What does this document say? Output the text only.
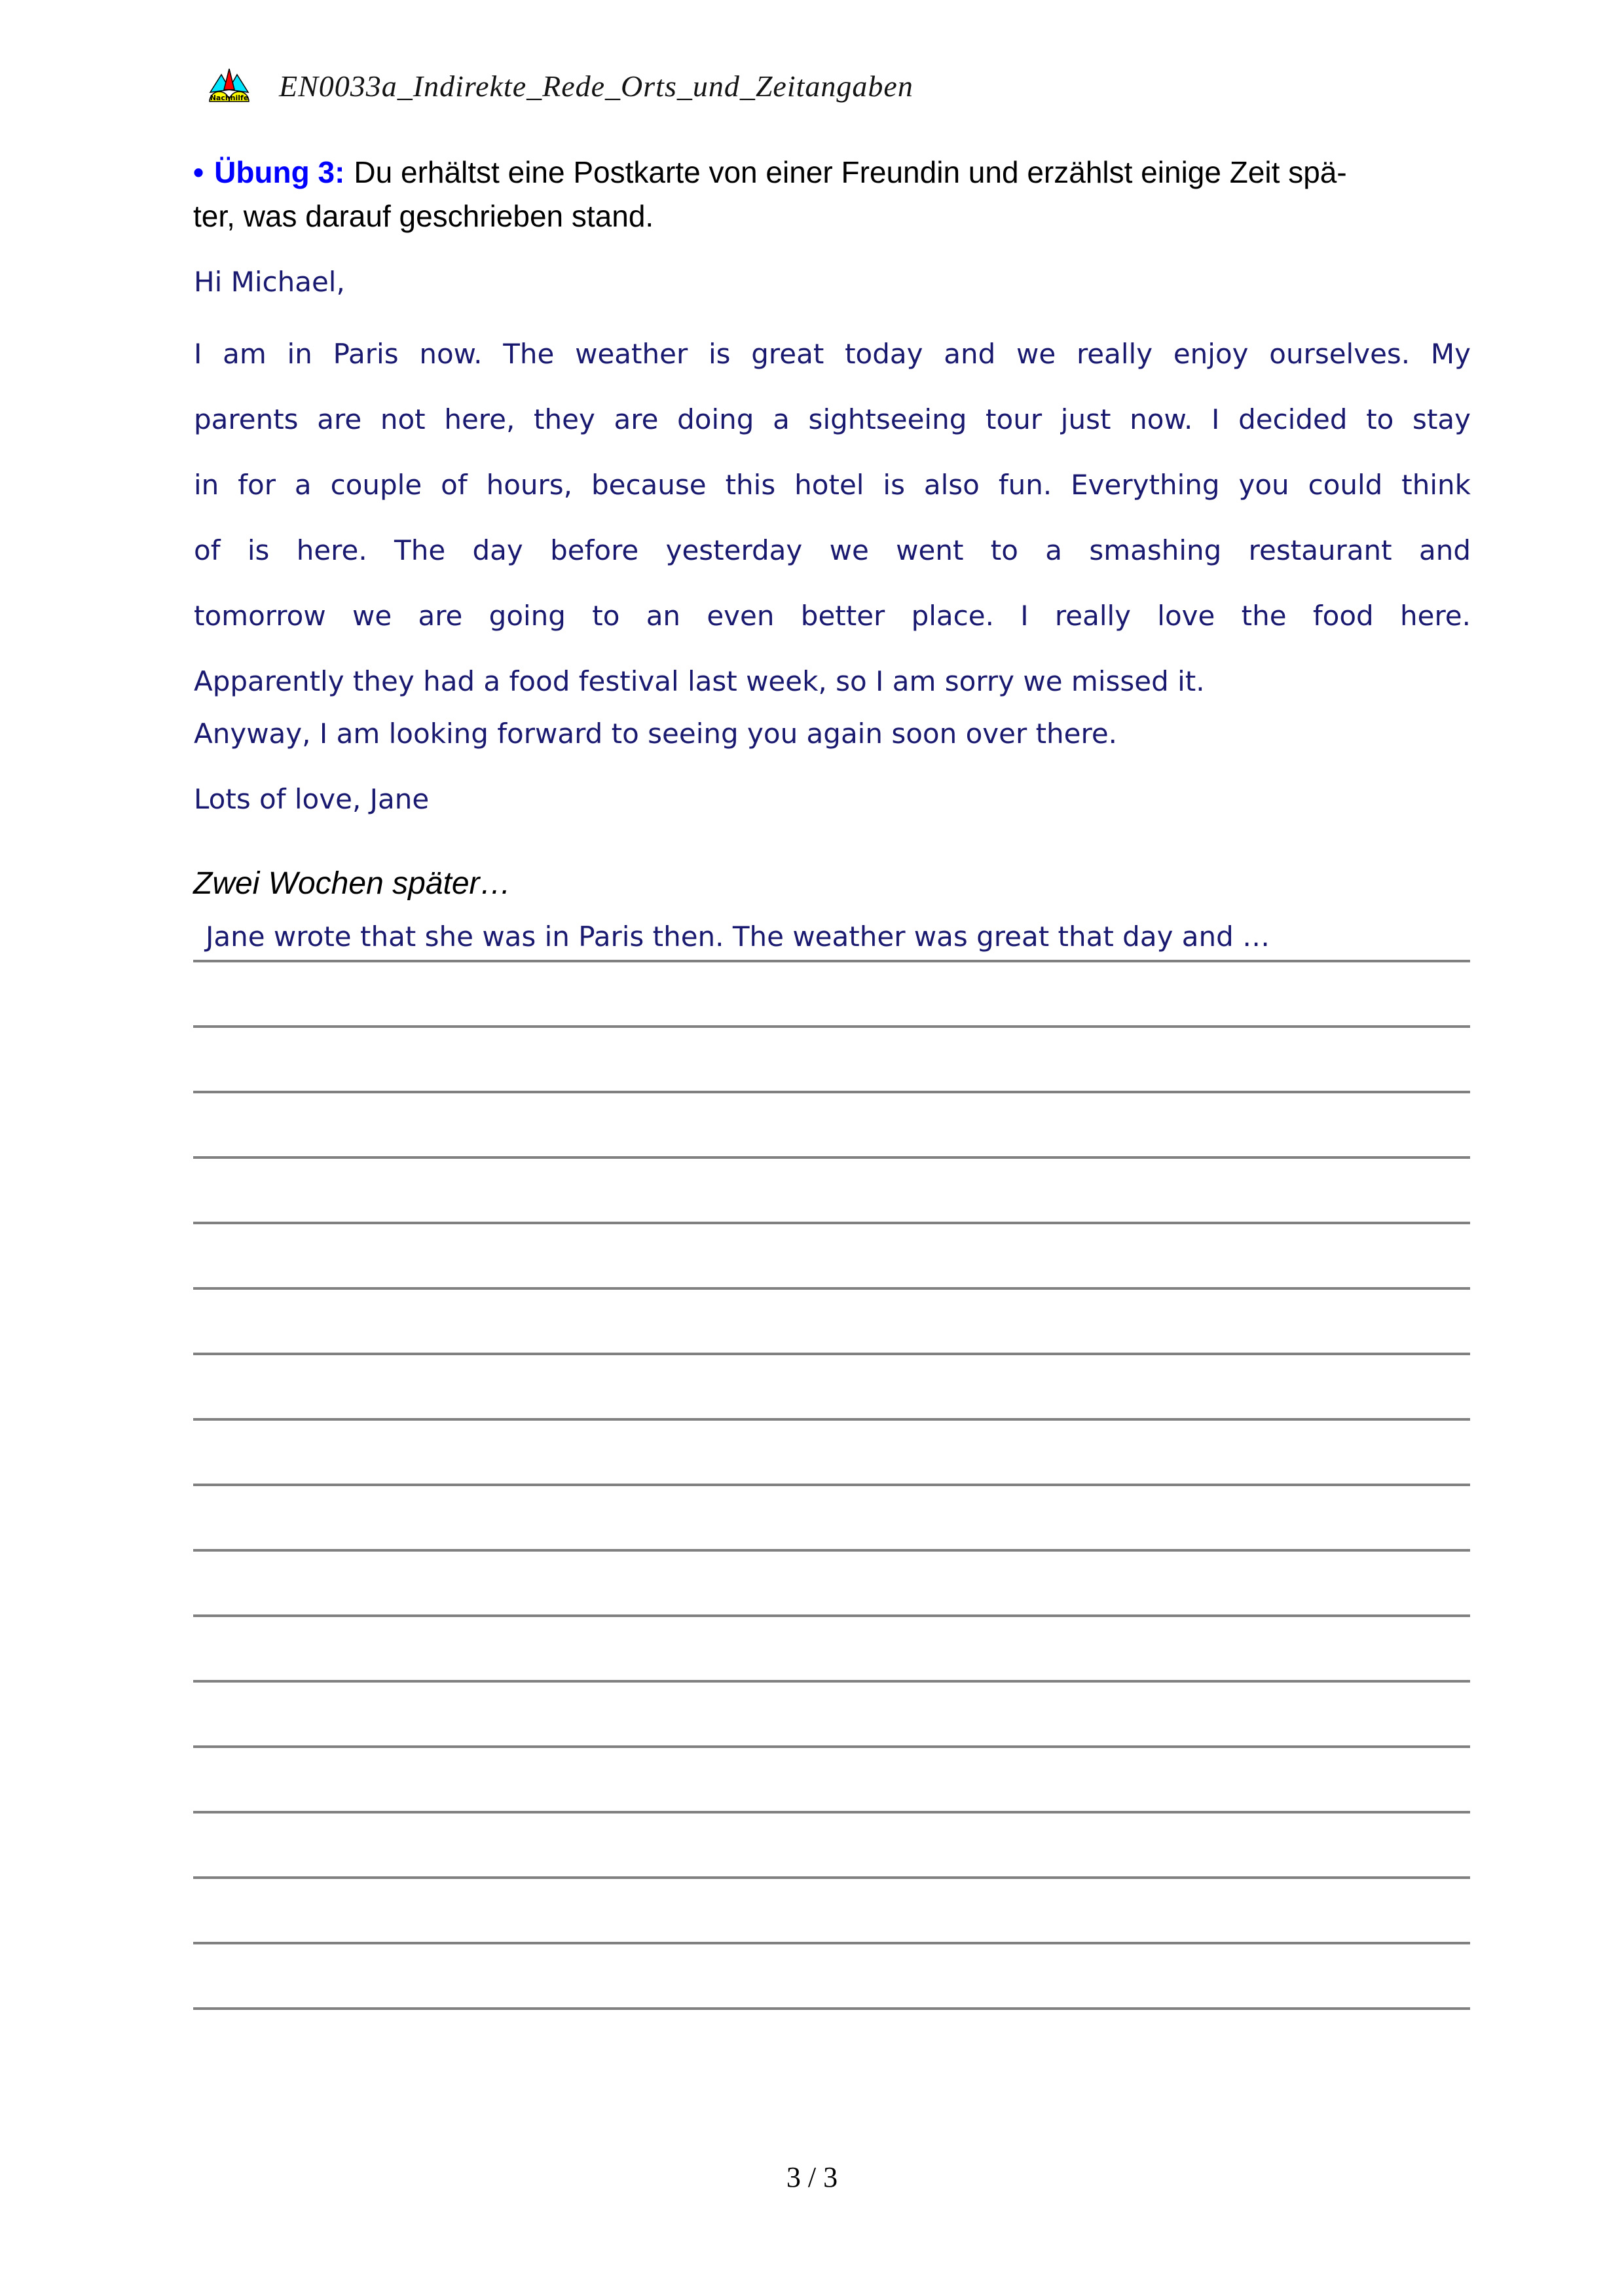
Nachhilfe EN0033a_Indirekte_Rede_Orts_und_Zeitangaben
• Übung 3: Du erhältst eine Postkarte von einer Freundin und erzählst einige Zeit spä-
ter, was darauf geschrieben stand.
Hi Michael,
I am in Paris now. The weather is great today and we really enjoy ourselves. My
parents are not here, they are doing a sightseeing tour just now. I decided to stay
in for a couple of hours, because this hotel is also fun. Everything you could think
of is here. The day before yesterday we went to a smashing restaurant and
tomorrow we are going to an even better place. I really love the food here.
Apparently they had a food festival last week, so I am sorry we missed it.
Anyway, I am looking forward to seeing you again soon over there.
Lots of love, Jane
Zwei Wochen später…
Jane wrote that she was in Paris then. The weather was great that day and …
3 / 3
